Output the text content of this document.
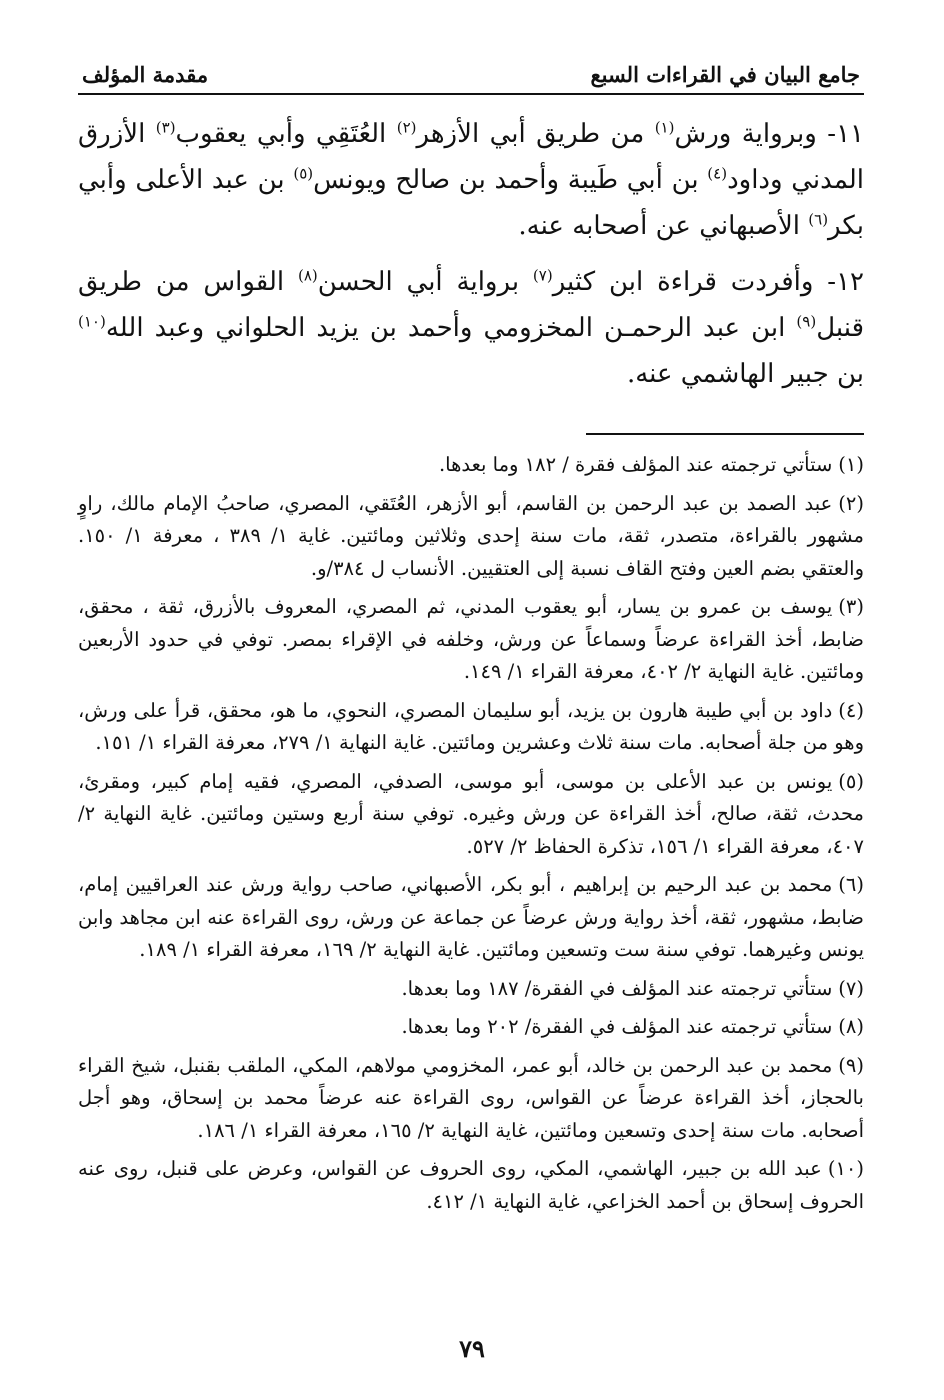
جامع البيان في القراءات السبع
مقدمة المؤلف

١١- وبرواية ورش$^{(١)}$ من طريق أبي الأزهر$^{(٢)}$ العُتَقِي وأبي يعقوب$^{(٣)}$ الأزرق المدني وداود$^{(٤)}$ بن أبي طَيبة وأحمد بن صالح ويونس$^{(٥)}$ بن عبد الأعلى وأبي بكر$^{(٦)}$ الأصبهاني عن أصحابه عنه.

١٢- وأفردت قراءة ابن كثير$^{(٧)}$ برواية أبي الحسن$^{(٨)}$ القواس من طريق قنبل$^{(٩)}$ ابن عبد الرحمـن المخزومي وأحمد بن يزيد الحلواني وعبد الله$^{(١٠)}$ بن جبير الهاشمي عنه.

(١)ستأتي ترجمته عند المؤلف فقرة / ١٨٢ وما بعدها.

(٢)عبد الصمد بن عبد الرحمن بن القاسم، أبو الأزهر، العُتَقي، المصري، صاحبُ الإمام مالك، راوٍ مشهور بالقراءة، متصدر، ثقة، مات سنة إحدى وثلاثين ومائتين. غاية ١/ ٣٨٩ ، معرفة ١/ ١٥٠. والعتقي بضم العين وفتح القاف نسبة إلى العتقيين. الأنساب ل ٣٨٤/و.

(٣)يوسف بن عمرو بن يسار، أبو يعقوب المدني، ثم المصري، المعروف بالأزرق، ثقة ، محقق، ضابط، أخذ القراءة عرضاً وسماعاً عن ورش، وخلفه في الإقراء بمصر. توفي في حدود الأربعين ومائتين. غاية النهاية ٢/ ٤٠٢، معرفة القراء ١/ ١٤٩.

(٤)داود بن أبي طيبة هارون بن يزيد، أبو سليمان المصري، النحوي، ما هو، محقق، قرأ على ورش، وهو من جلة أصحابه. مات سنة ثلاث وعشرين ومائتين. غاية النهاية ١/ ٢٧٩، معرفة القراء ١/ ١٥١.

(٥)يونس بن عبد الأعلى بن موسى، أبو موسى، الصدفي، المصري، فقيه إمام كبير، ومقرئ، محدث، ثقة، صالح، أخذ القراءة عن ورش وغيره. توفي سنة أربع وستين ومائتين. غاية النهاية ٢/ ٤٠٧، معرفة القراء ١/ ١٥٦، تذكرة الحفاظ ٢/ ٥٢٧.

(٦)محمد بن عبد الرحيم بن إبراهيم ، أبو بكر، الأصبهاني، صاحب رواية ورش عند العراقيين إمام، ضابط، مشهور، ثقة، أخذ رواية ورش عرضاً عن جماعة عن ورش، روى القراءة عنه ابن مجاهد وابن يونس وغيرهما. توفي سنة ست وتسعين ومائتين. غاية النهاية ٢/ ١٦٩، معرفة القراء ١/ ١٨٩.

(٧)ستأتي ترجمته عند المؤلف في الفقرة/ ١٨٧ وما بعدها.

(٨)ستأتي ترجمته عند المؤلف في الفقرة/ ٢٠٢ وما بعدها.

(٩)محمد بن عبد الرحمن بن خالد، أبو عمر، المخزومي مولاهم، المكي، الملقب بقنبل، شيخ القراء بالحجاز، أخذ القراءة عرضاً عن القواس، روى القراءة عنه عرضاً محمد بن إسحاق، وهو أجل أصحابه. مات سنة إحدى وتسعين ومائتين، غاية النهاية ٢/ ١٦٥، معرفة القراء ١/ ١٨٦.

(١٠)عبد الله بن جبير، الهاشمي، المكي، روى الحروف عن القواس، وعرض على قنبل، روى عنه الحروف إسحاق بن أحمد الخزاعي، غاية النهاية ١/ ٤١٢.

٧٩
